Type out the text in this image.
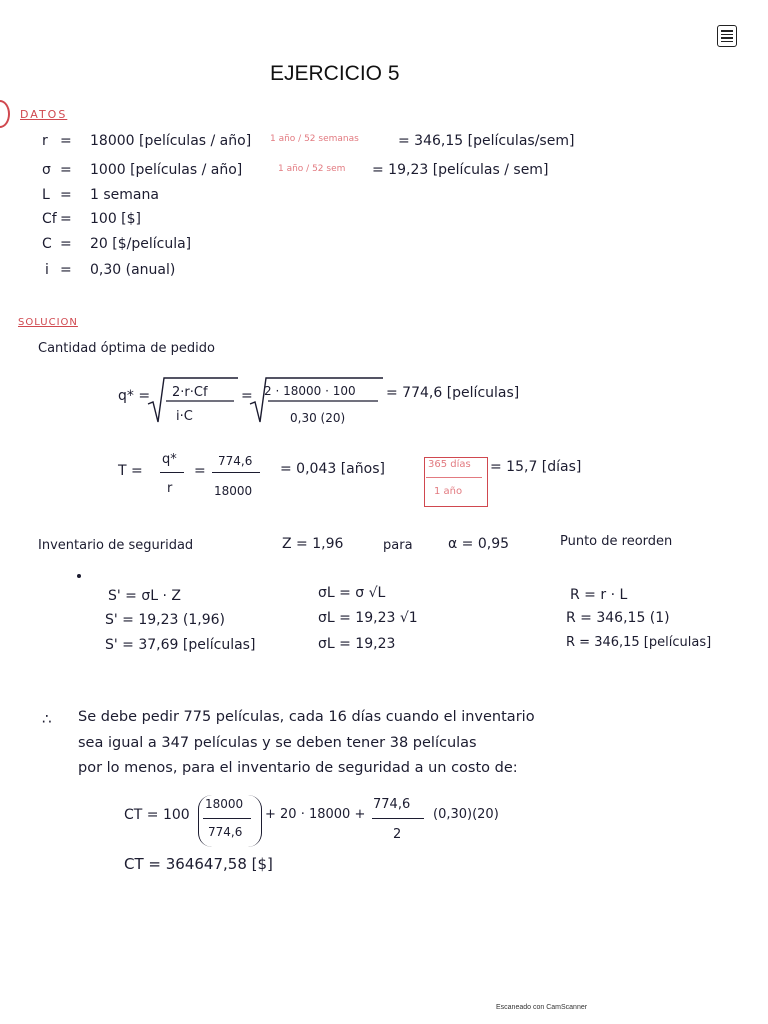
EJERCICIO 5
DATOS
r = 18000 [películas / año] 1 año / 52 semanas	= 346,15 [películas/sem]
σ = 1000 [películas / año]	1 año / 52 sem = 19,23 [películas / sem]
L = 1 semana
Cf = 100 [$]
C = 20 [$/película]
i = 0,30 (anual)
SOLUCION
Cantidad óptima de pedido
q* = 2·r·Cf
i·C
= 2 · 18000 · 100
0,30 (20)
= 774,6 [películas]
T =
q*
r
=
774,6
18000
= 0,043 [años]	365 días
1 año
= 15,7 [días]
Inventario de seguridad	Z = 1,96	para	α = 0,95	Punto de reorden
S' = σL · Z
S' = 19,23 (1,96)
S' = 37,69 [películas]
σL = σ √L
σL = 19,23 √1
σL = 19,23
R = r · L
R = 346,15 (1)
R = 346,15 [películas]
∴ Se debe pedir 775 películas, cada 16 días cuando el inventario
sea igual a 347 películas y se deben tener 38 películas
por lo menos, para el inventario de seguridad a un costo de:
CT = 100
18000
774,6
+ 20 · 18000 +
774,6
2
(0,30)(20)
CT = 364647,58 [$]
Escaneado con CamScanner
